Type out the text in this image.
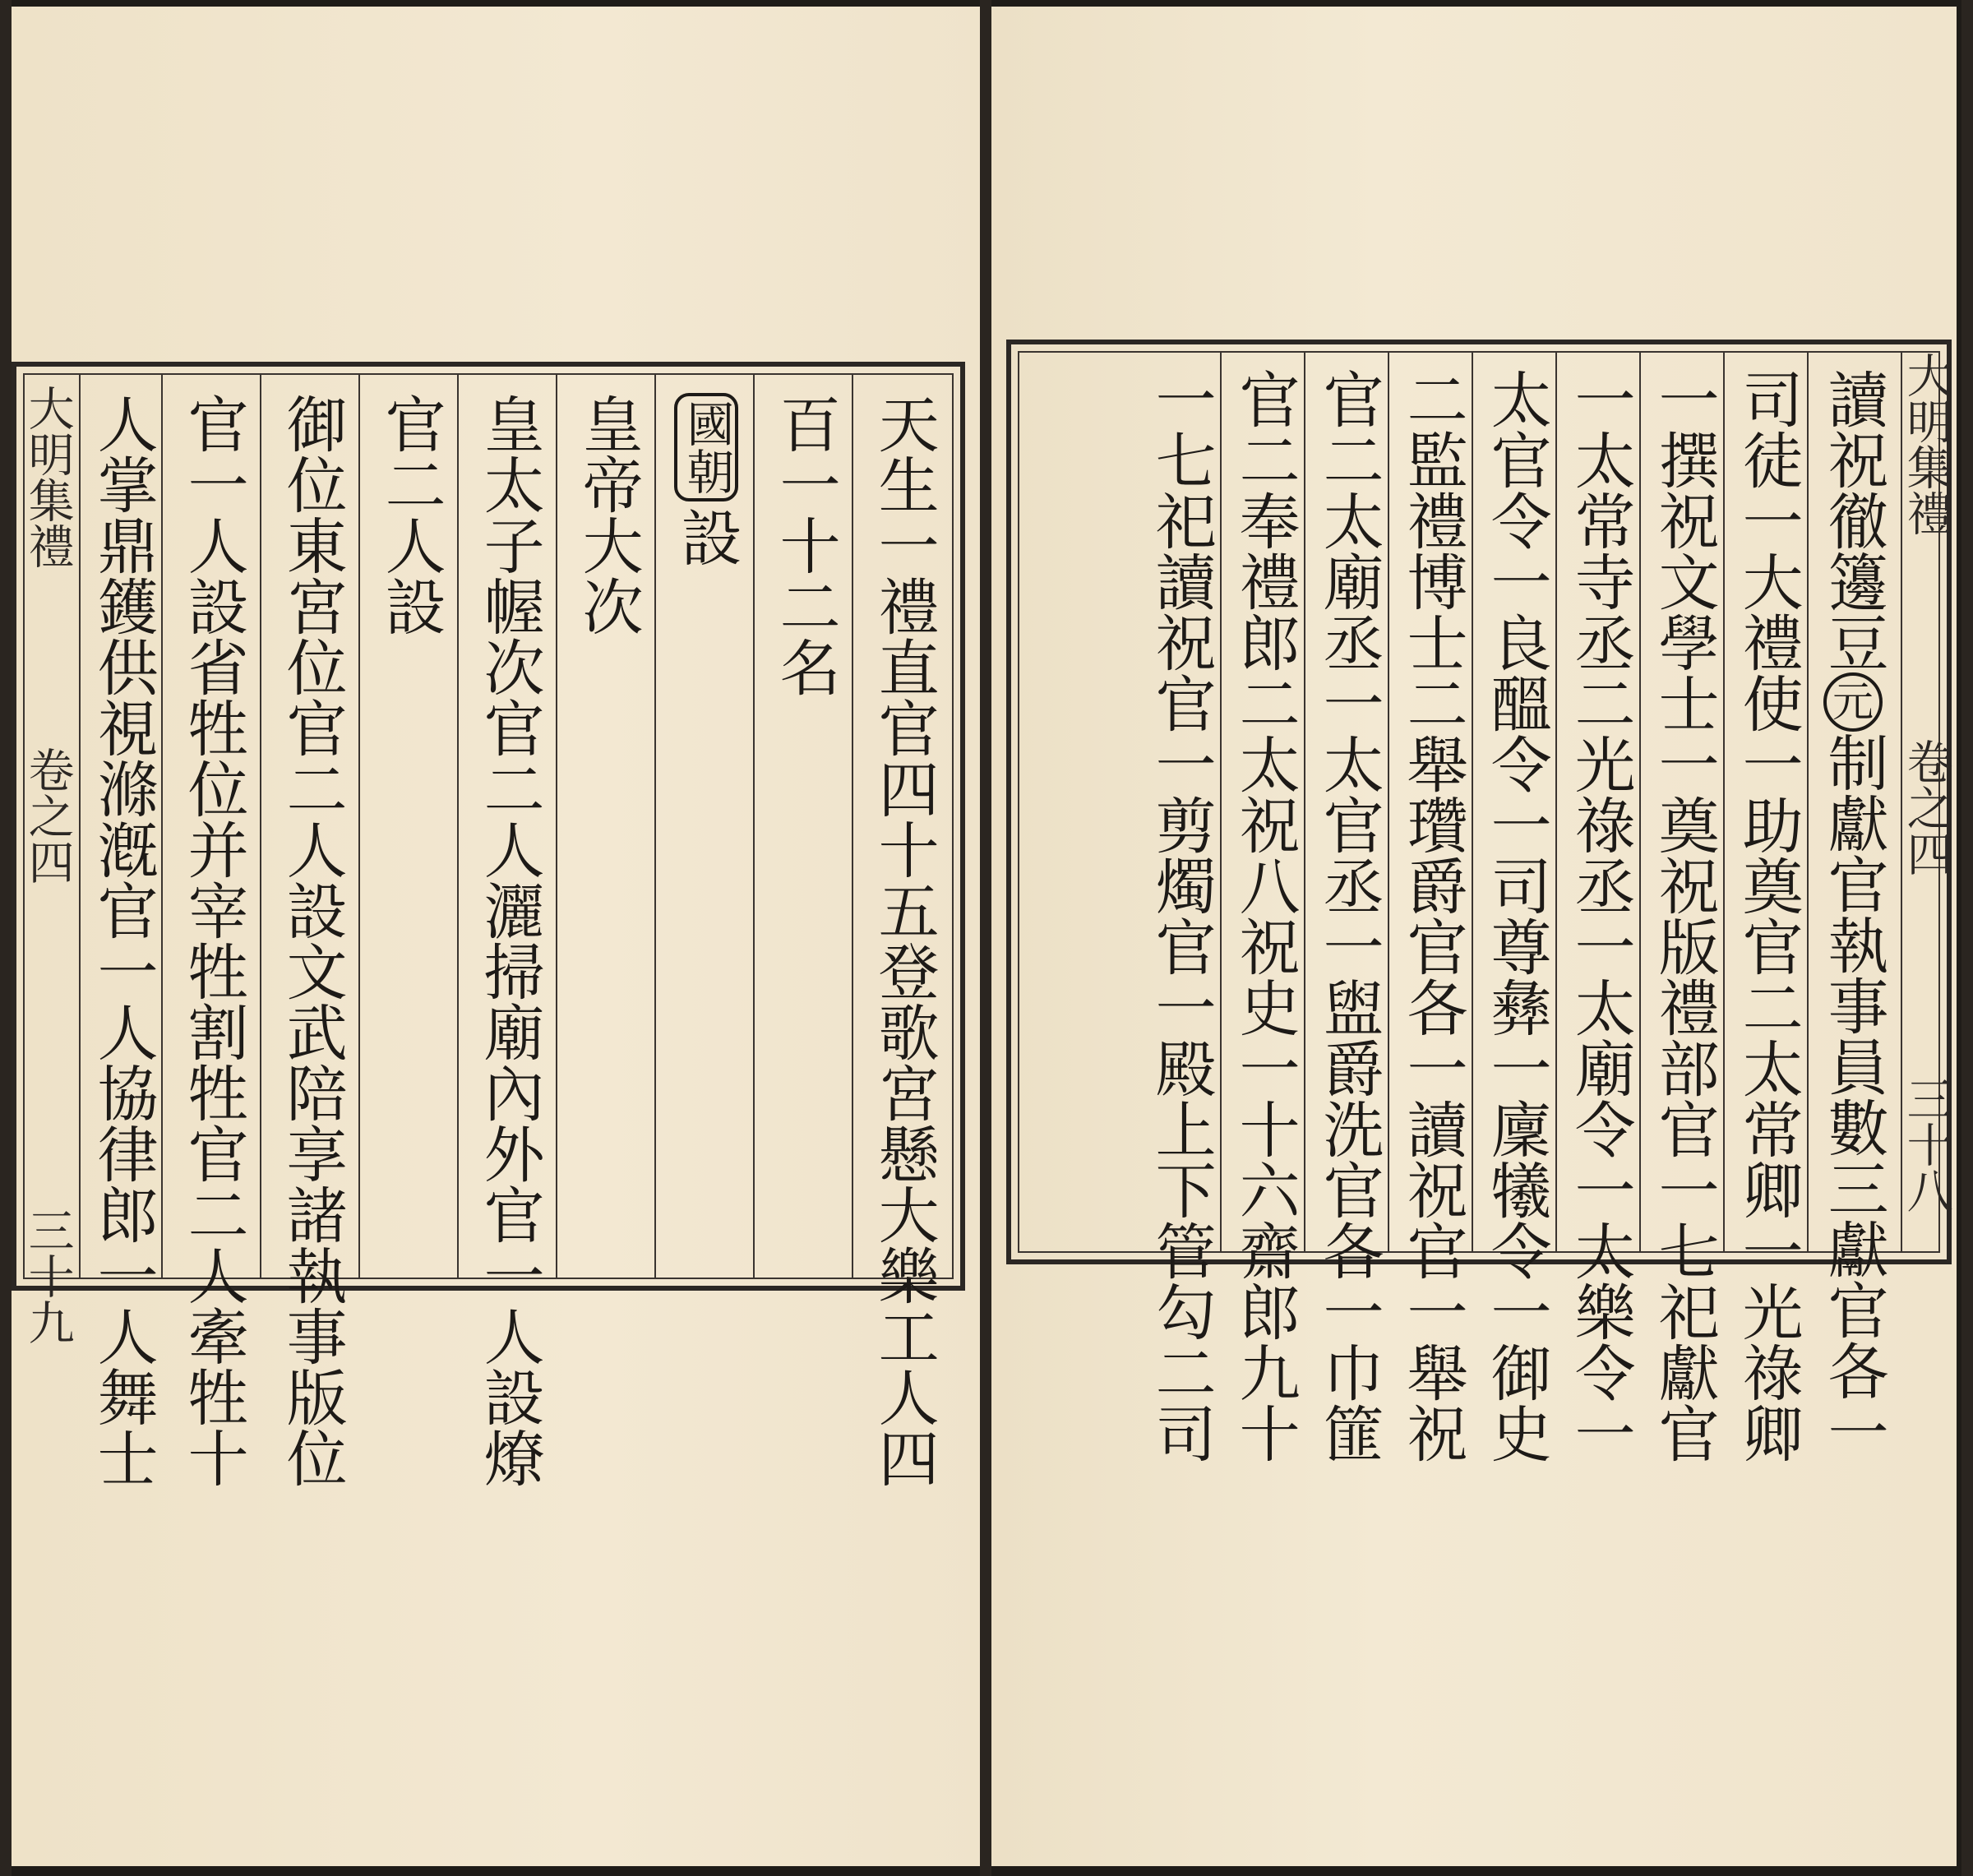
大明集禮
卷之四
三十九	天生一禮直官四十五登歌宮懸大樂工人四
百一十二名
國朝
設
皇帝大次
皇太子幄次官二人灑掃廟內外官一人設燎
官二人設
御位東宮位官二人設文武陪享諸執事版位
官一人設省牲位并宰牲割牲官二人牽牲十
人掌鼎鑊供視滌漑官一人協律郎一人舞士	大明集禮
卷之四
三十八
讀祝徹籩豆
元
制獻官執事員數三獻官各一
司徒一大禮使一助奠官二太常卿一光祿卿
一撰祝文學士一奠祝版禮部官一七祀獻官
一太常寺丞二光祿丞一太廟令一太樂令一
太官令一良醞令一司尊彝一廩犧令一御史
二監禮博士二舉瓚爵官各一讀祝官一舉祝
官二太廟丞一太官丞一盥爵洗官各一巾篚
官二奉禮郎二太祝八祝史一十六齋郎九十
一七祀讀祝官一剪燭官一殿上下管勾二司
